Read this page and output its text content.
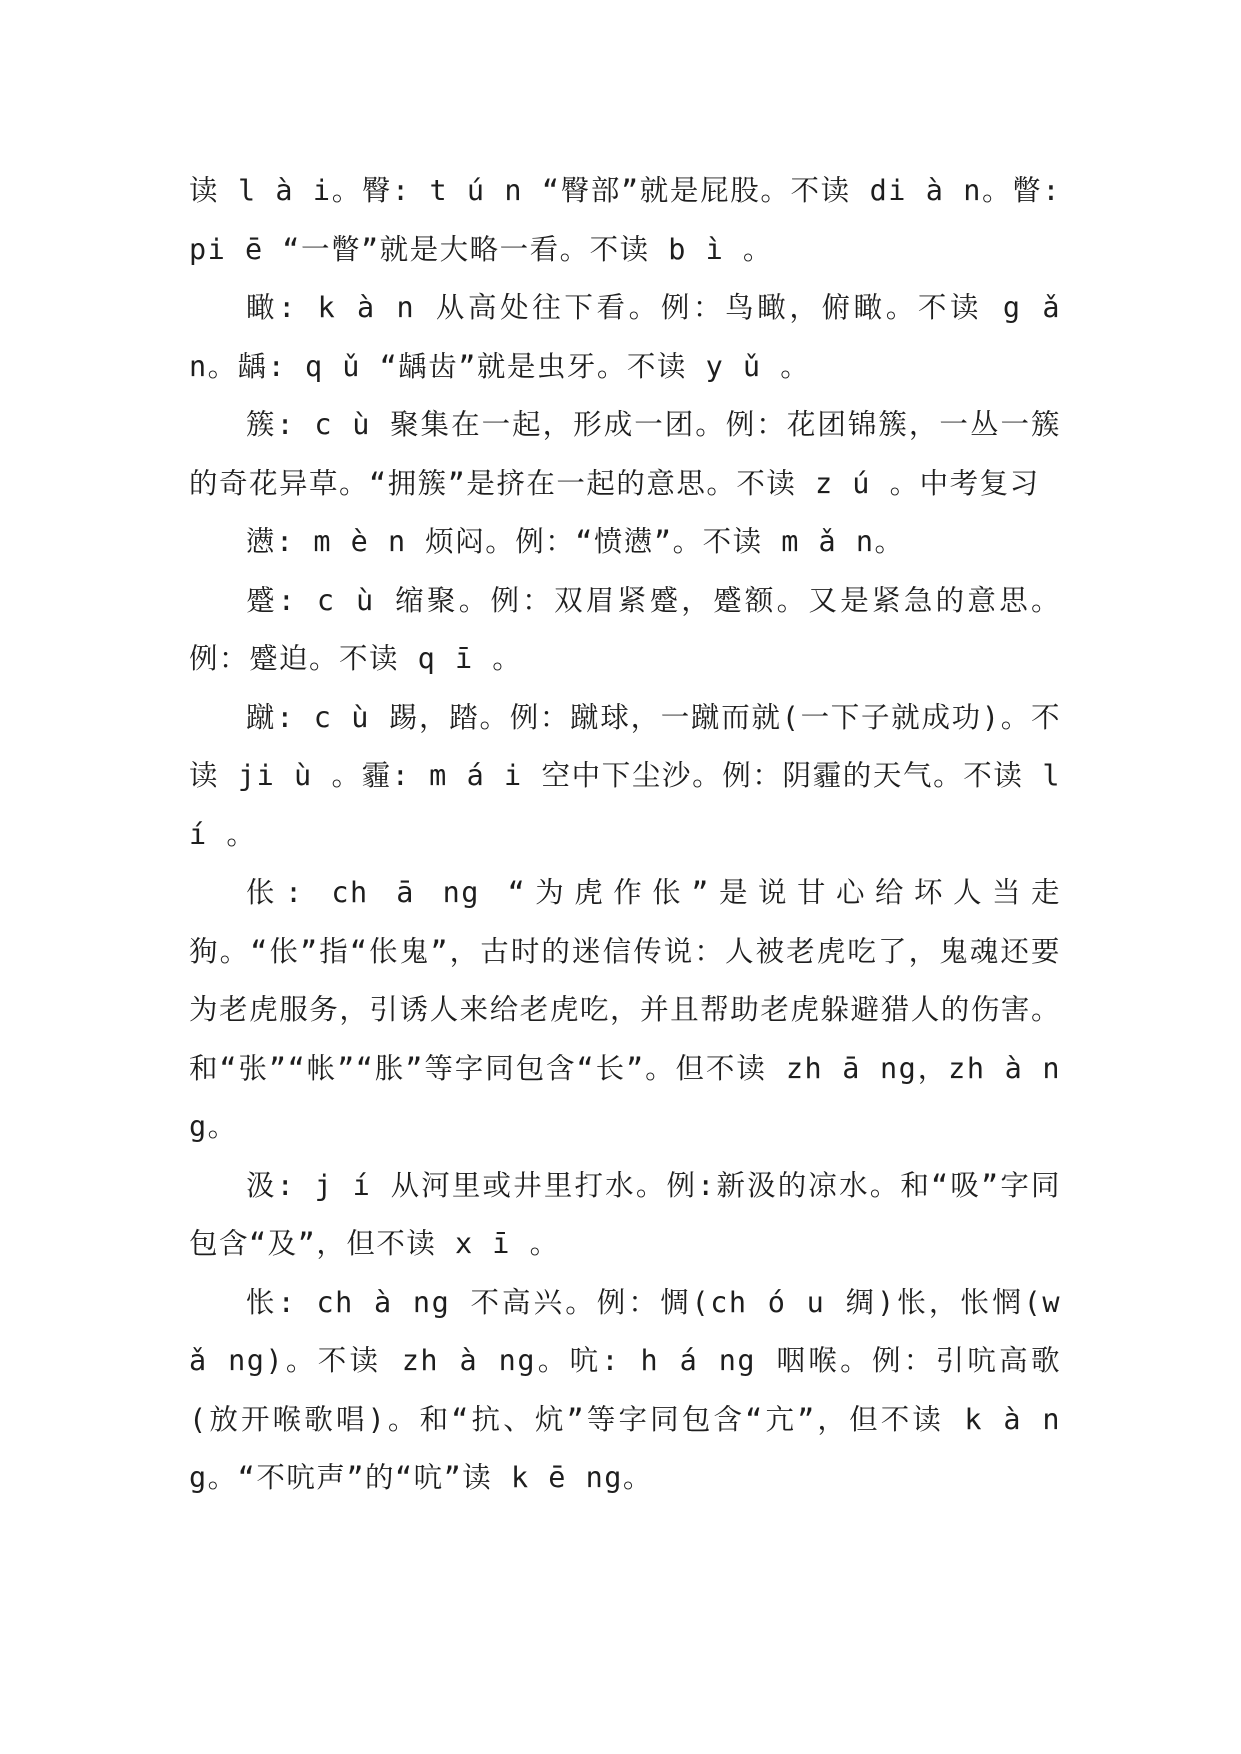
读 l à i。臀: t ú n “臀部”就是屁股。不读 di à n。瞥: pi ē “一瞥”就是大略一看。不读 b ì 。

瞰: k à n 从高处往下看。例：鸟瞰，俯瞰。不读 g ǎ n。龋: q ǔ “龋齿”就是虫牙。不读 y ǔ 。

簇: c ù 聚集在一起，形成一团。例：花团锦簇，一丛一簇的奇花异草。“拥簇”是挤在一起的意思。不读 z ú 。中考复习

懑: m è n 烦闷。例：“愤懑”。不读 m ǎ n。

蹙: c ù 缩聚。例：双眉紧蹙，蹙额。又是紧急的意思。例：蹙迫。不读 q ī 。

蹴: c ù 踢，踏。例：蹴球，一蹴而就(一下子就成功)。不读 ji ù 。霾: m á i 空中下尘沙。例：阴霾的天气。不读 l í 。

伥: ch ā ng “为虎作伥”是说甘心给坏人当走狗。“伥”指“伥鬼”，古时的迷信传说：人被老虎吃了，鬼魂还要为老虎服务，引诱人来给老虎吃，并且帮助老虎躲避猎人的伤害。和“张”“帐”“胀”等字同包含“长”。但不读 zh ā ng，zh à ng。

汲: j í 从河里或井里打水。例:新汲的凉水。和“吸”字同包含“及”，但不读 x ī 。

怅: ch à ng 不高兴。例：惆(ch ó u 绸)怅，怅惘(w ǎ ng)。不读 zh à ng。吭: h á ng 咽喉。例：引吭高歌(放开喉歌唱)。和“抗、炕”等字同包含“亢”，但不读 k à ng。“不吭声”的“吭”读 k ē ng。
